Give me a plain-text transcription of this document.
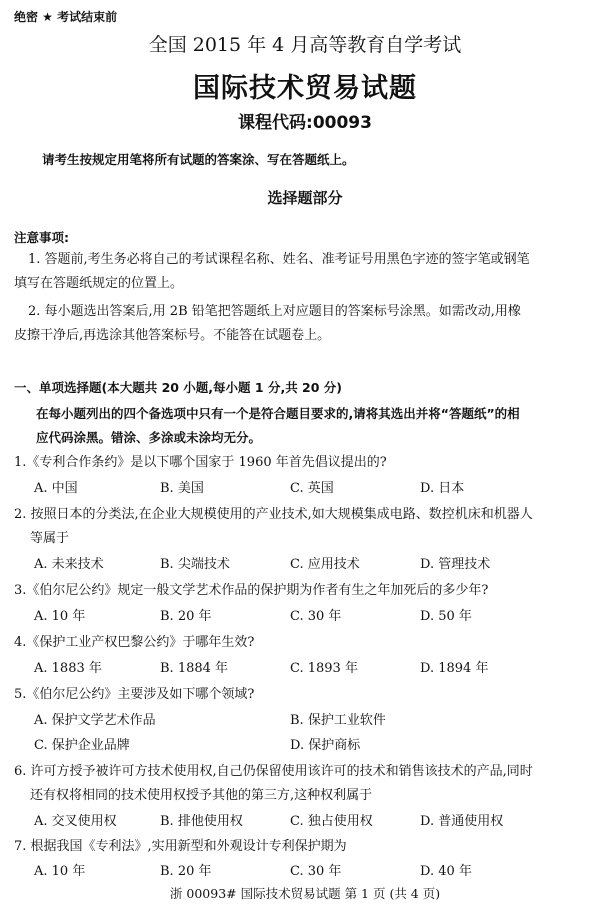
绝密 ★ 考试结束前
全国 2015 年 4 月高等教育自学考试
国际技术贸易试题
课程代码:00093
请考生按规定用笔将所有试题的答案涂、写在答题纸上。
选择题部分
注意事项:
1. 答题前,考生务必将自己的考试课程名称、姓名、准考证号用黑色字迹的签字笔或钢笔
填写在答题纸规定的位置上。
2. 每小题选出答案后,用 2B 铅笔把答题纸上对应题目的答案标号涂黑。如需改动,用橡
皮擦干净后,再选涂其他答案标号。不能答在试题卷上。
一、单项选择题(本大题共 20 小题,每小题 1 分,共 20 分)
在每小题列出的四个备选项中只有一个是符合题目要求的,请将其选出并将“答题纸”的相
应代码涂黑。错涂、多涂或未涂均无分。
1.《专利合作条约》是以下哪个国家于 1960 年首先倡议提出的?
A. 中国	B. 美国	C. 英国	D. 日本
2. 按照日本的分类法,在企业大规模使用的产业技术,如大规模集成电路、数控机床和机器人
等属于
A. 未来技术	B. 尖端技术	C. 应用技术	D. 管理技术
3.《伯尔尼公约》规定一般文学艺术作品的保护期为作者有生之年加死后的多少年?
A. 10 年	B. 20 年	C. 30 年	D. 50 年
4.《保护工业产权巴黎公约》于哪年生效?
A. 1883 年	B. 1884 年	C. 1893 年	D. 1894 年
5.《伯尔尼公约》主要涉及如下哪个领域?
A. 保护文学艺术作品	B. 保护工业软件
C. 保护企业品牌	D. 保护商标
6. 许可方授予被许可方技术使用权,自己仍保留使用该许可的技术和销售该技术的产品,同时
还有权将相同的技术使用权授予其他的第三方,这种权利属于
A. 交叉使用权	B. 排他使用权	C. 独占使用权	D. 普通使用权
7. 根据我国《专利法》,实用新型和外观设计专利保护期为
A. 10 年	B. 20 年	C. 30 年	D. 40 年
浙 00093# 国际技术贸易试题 第 1 页 (共 4 页)
